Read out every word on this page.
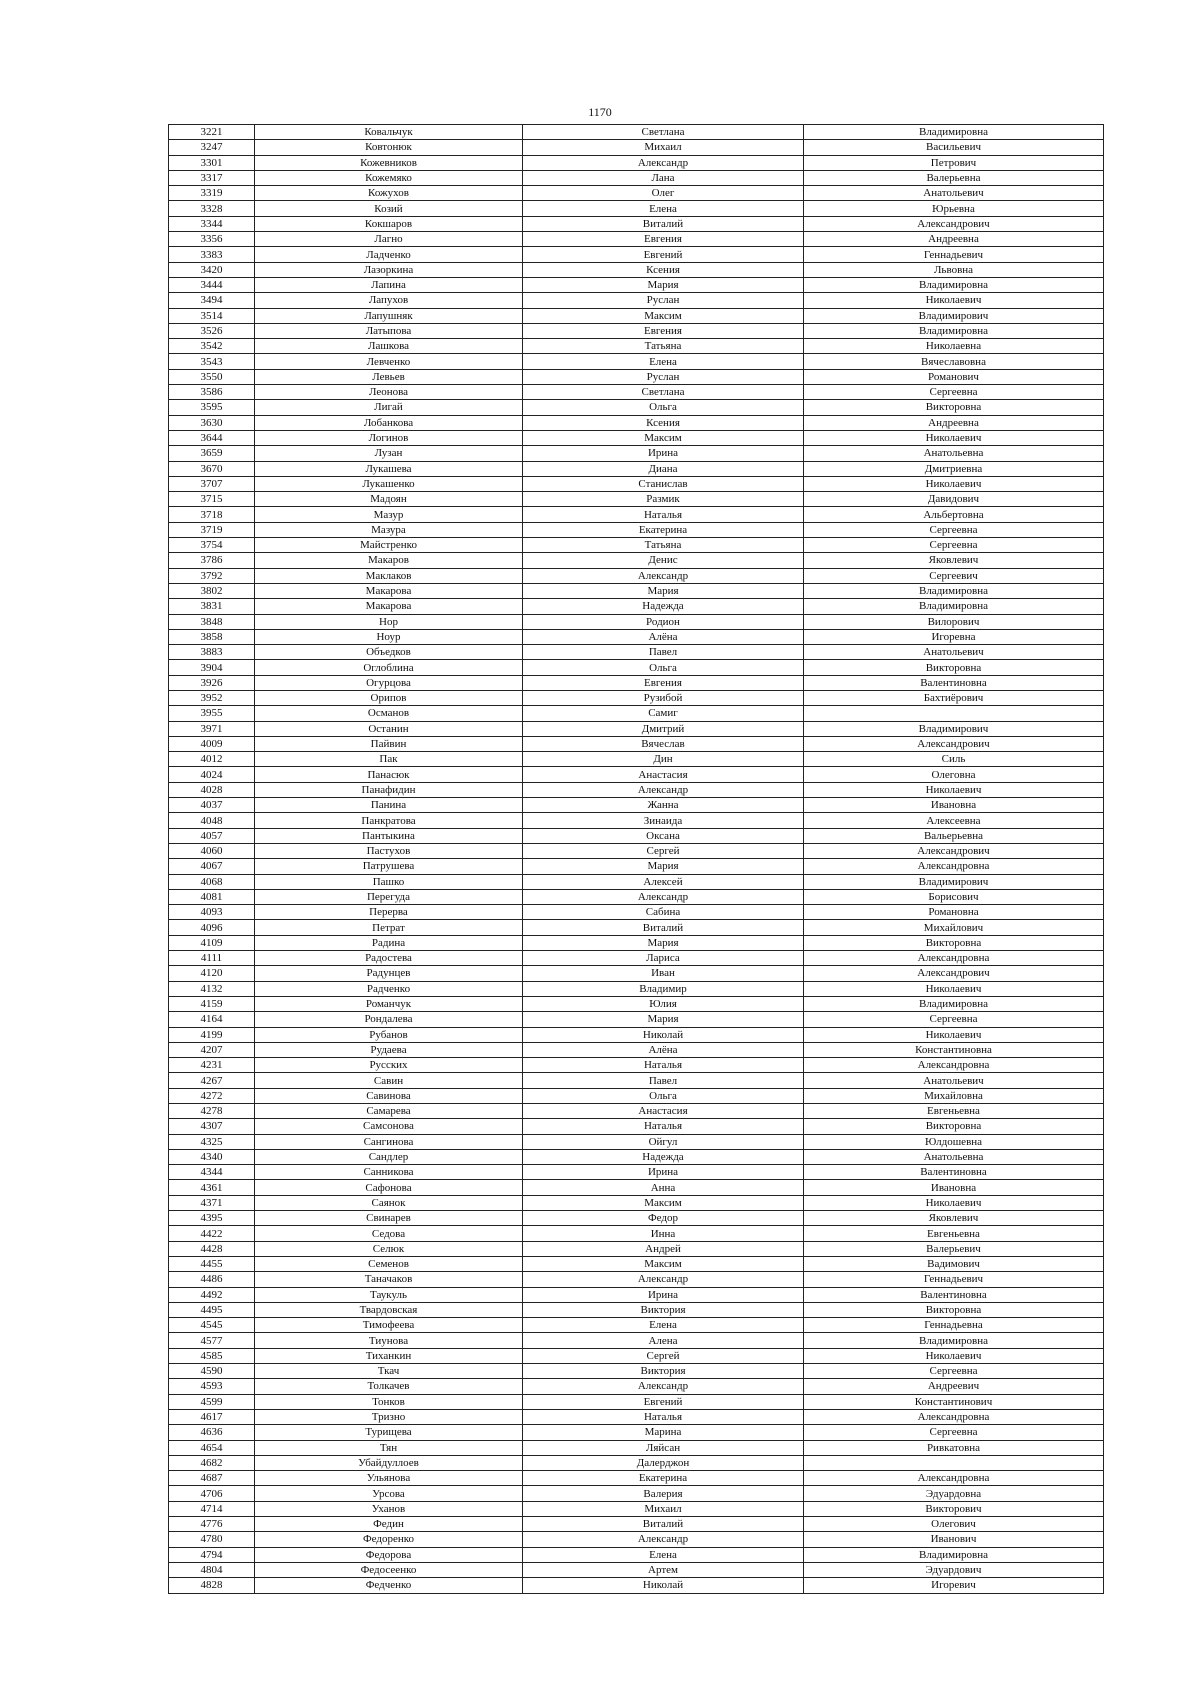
1170
3221	Ковальчук	Светлана	Владимировна
3247	Ковтонюк	Михаил	Васильевич
3301	Кожевников	Александр	Петрович
3317	Кожемяко	Лана	Валерьевна
3319	Кожухов	Олег	Анатольевич
3328	Козий	Елена	Юрьевна
3344	Кокшаров	Виталий	Александрович
3356	Лагно	Евгения	Андреевна
3383	Ладченко	Евгений	Геннадьевич
3420	Лазоркина	Ксения	Львовна
3444	Лапина	Мария	Владимировна
3494	Лапухов	Руслан	Николаевич
3514	Лапушняк	Максим	Владимирович
3526	Латыпова	Евгения	Владимировна
3542	Лашкова	Татьяна	Николаевна
3543	Левченко	Елена	Вячеславовна
3550	Левьев	Руслан	Романович
3586	Леонова	Светлана	Сергеевна
3595	Лигай	Ольга	Викторовна
3630	Лобанкова	Ксения	Андреевна
3644	Логинов	Максим	Николаевич
3659	Лузан	Ирина	Анатольевна
3670	Лукашева	Диана	Дмитриевна
3707	Лукашенко	Станислав	Николаевич
3715	Мадоян	Размик	Давидович
3718	Мазур	Наталья	Альбертовна
3719	Мазура	Екатерина	Сергеевна
3754	Майстренко	Татьяна	Сергеевна
3786	Макаров	Денис	Яковлевич
3792	Маклаков	Александр	Сергеевич
3802	Макарова	Мария	Владимировна
3831	Макарова	Надежда	Владимировна
3848	Нор	Родион	Вилорович
3858	Ноур	Алёна	Игоревна
3883	Объедков	Павел	Анатольевич
3904	Оглоблина	Ольга	Викторовна
3926	Огурцова	Евгения	Валентиновна
3952	Орипов	Рузибой	Бахтиёрович
3955	Османов	Самиг	
3971	Останин	Дмитрий	Владимирович
4009	Пайвин	Вячеслав	Александрович
4012	Пак	Дин	Силь
4024	Панасюк	Анастасия	Олеговна
4028	Панафидин	Александр	Николаевич
4037	Панина	Жанна	Ивановна
4048	Панкратова	Зинаида	Алексеевна
4057	Пантыкина	Оксана	Вальерьевна
4060	Пастухов	Сергей	Александрович
4067	Патрушева	Мария	Александровна
4068	Пашко	Алексей	Владимирович
4081	Перегуда	Александр	Борисович
4093	Перерва	Сабина	Романовна
4096	Петрат	Виталий	Михайлович
4109	Радина	Мария	Викторовна
4111	Радостева	Лариса	Александровна
4120	Радунцев	Иван	Александрович
4132	Радченко	Владимир	Николаевич
4159	Романчук	Юлия	Владимировна
4164	Рондалева	Мария	Сергеевна
4199	Рубанов	Николай	Николаевич
4207	Рудаева	Алёна	Константиновна
4231	Русских	Наталья	Александровна
4267	Савин	Павел	Анатольевич
4272	Савинова	Ольга	Михайловна
4278	Самарева	Анастасия	Евгеньевна
4307	Самсонова	Наталья	Викторовна
4325	Сангинова	Ойгул	Юлдошевна
4340	Сандлер	Надежда	Анатольевна
4344	Санникова	Ирина	Валентиновна
4361	Сафонова	Анна	Ивановна
4371	Саянок	Максим	Николаевич
4395	Свинарев	Федор	Яковлевич
4422	Седова	Инна	Евгеньевна
4428	Селюк	Андрей	Валерьевич
4455	Семенов	Максим	Вадимович
4486	Таначаков	Александр	Геннадьевич
4492	Таукуль	Ирина	Валентиновна
4495	Твардовская	Виктория	Викторовна
4545	Тимофеева	Елена	Геннадьевна
4577	Тиунова	Алена	Владимировна
4585	Тиханкин	Сергей	Николаевич
4590	Ткач	Виктория	Сергеевна
4593	Толкачев	Александр	Андреевич
4599	Тонков	Евгений	Константинович
4617	Тризно	Наталья	Александровна
4636	Турищева	Марина	Сергеевна
4654	Тян	Ляйсан	Ривкатовна
4682	Убайдуллоев	Далерджон	
4687	Ульянова	Екатерина	Александровна
4706	Урсова	Валерия	Эдуардовна
4714	Уханов	Михаил	Викторович
4776	Федин	Виталий	Олегович
4780	Федоренко	Александр	Иванович
4794	Федорова	Елена	Владимировна
4804	Федосеенко	Артем	Эдуардович
4828	Федченко	Николай	Игоревич
